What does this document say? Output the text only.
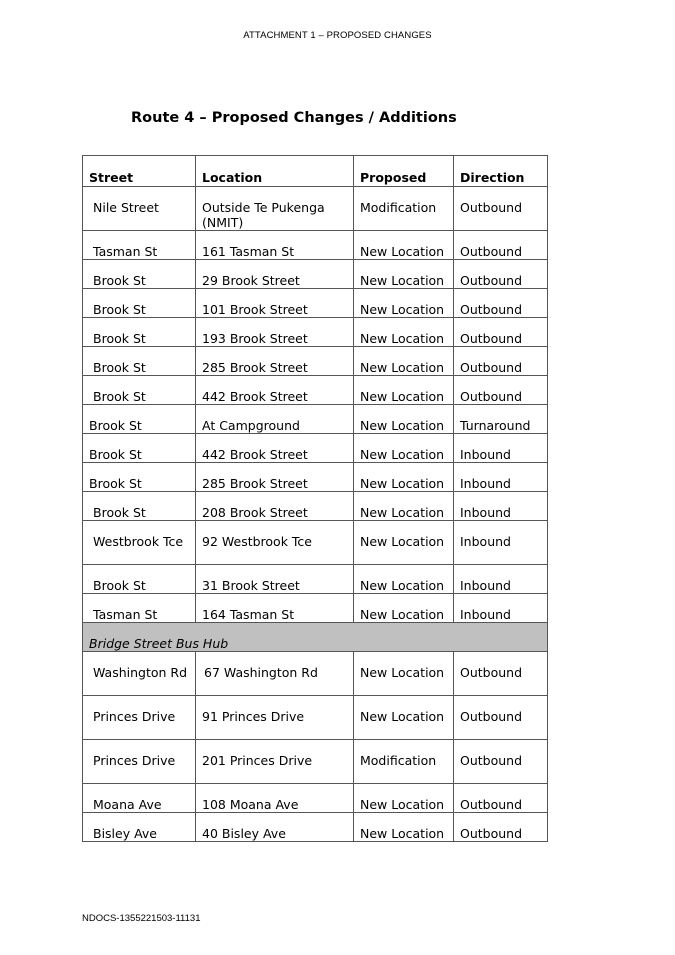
ATTACHMENT 1 – PROPOSED CHANGES
Route 4 – Proposed Changes / Additions
Street	Location	Proposed	Direction
Nile Street	Outside Te Pukenga (NMIT)	Modification	Outbound
Tasman St	161 Tasman St	New Location	Outbound
Brook St	29 Brook Street	New Location	Outbound
Brook St	101 Brook Street	New Location	Outbound
Brook St	193 Brook Street	New Location	Outbound
Brook St	285 Brook Street	New Location	Outbound
Brook St	442 Brook Street	New Location	Outbound
Brook St	At Campground	New Location	Turnaround
Brook St	442 Brook Street	New Location	Inbound
Brook St	285 Brook Street	New Location	Inbound
Brook St	208 Brook Street	New Location	Inbound
Westbrook Tce	92 Westbrook Tce	New Location	Inbound
Brook St	31 Brook Street	New Location	Inbound
Tasman St	164 Tasman St	New Location	Inbound
Bridge Street Bus Hub			
Washington Rd	67 Washington Rd	New Location	Outbound
Princes Drive	91 Princes Drive	New Location	Outbound
Princes Drive	201 Princes Drive	Modification	Outbound
Moana Ave	108 Moana Ave	New Location	Outbound
Bisley Ave	40 Bisley Ave	New Location	Outbound
NDOCS-1355221503-11131
